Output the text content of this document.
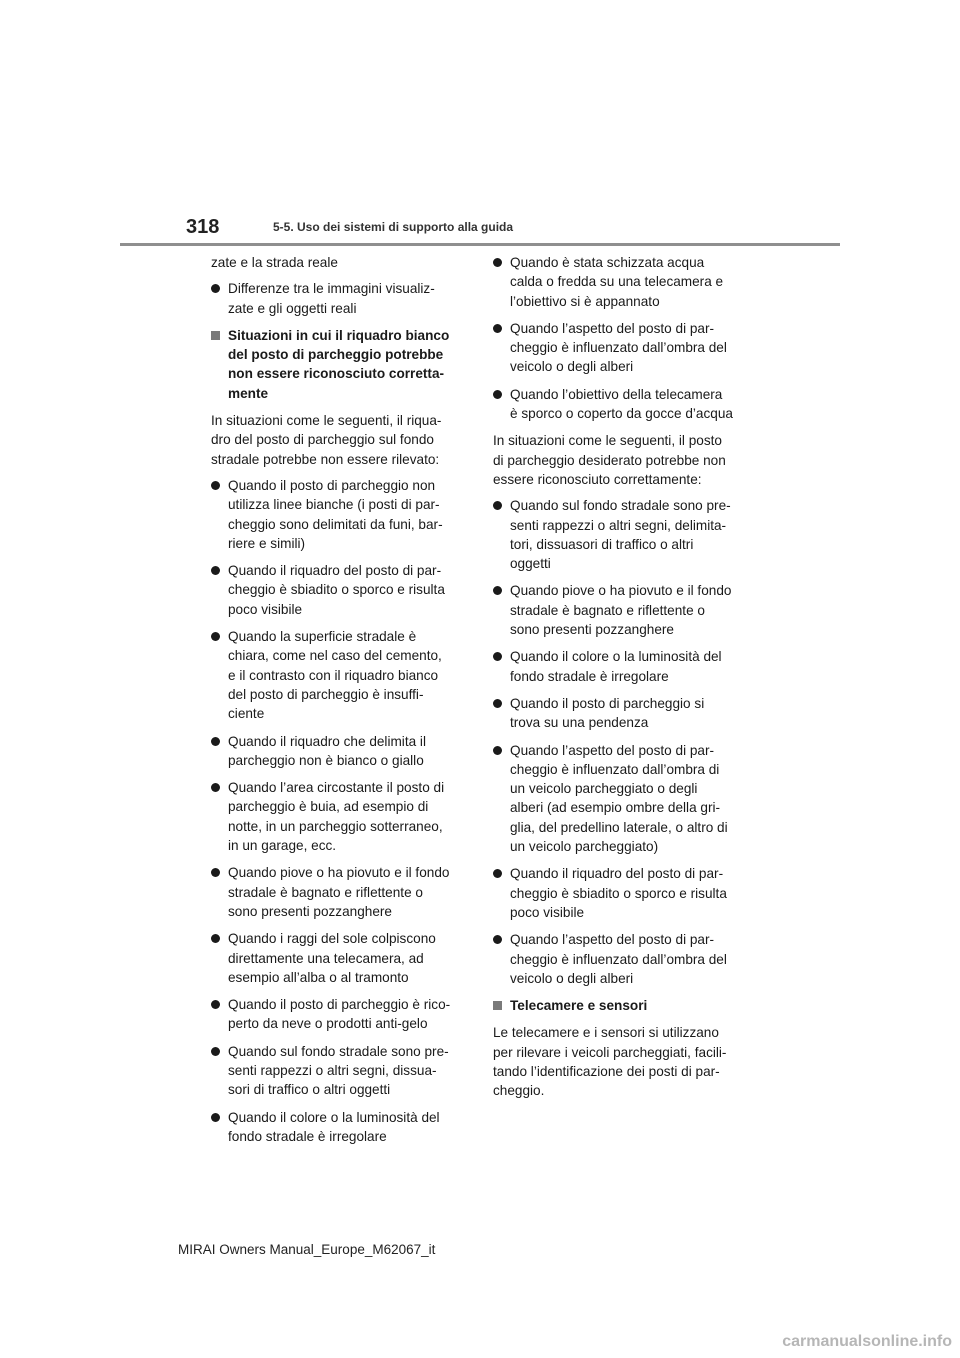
318	5-5. Uso dei sistemi di supporto alla guida

zate e la strada reale

Differenze tra le immagini visualiz-
zate e gli oggetti reali
Situazioni in cui il riquadro bianco
del posto di parcheggio potrebbe
non essere riconosciuto corretta-
mente

In situazioni come le seguenti, il riqua-
dro del posto di parcheggio sul fondo
stradale potrebbe non essere rilevato:

Quando il posto di parcheggio non
utilizza linee bianche (i posti di par-
cheggio sono delimitati da funi, bar-
riere e simili)
Quando il riquadro del posto di par-
cheggio è sbiadito o sporco e risulta
poco visibile
Quando la superficie stradale è
chiara, come nel caso del cemento,
e il contrasto con il riquadro bianco
del posto di parcheggio è insuffi-
ciente
Quando il riquadro che delimita il
parcheggio non è bianco o giallo
Quando l’area circostante il posto di
parcheggio è buia, ad esempio di
notte, in un parcheggio sotterraneo,
in un garage, ecc.
Quando piove o ha piovuto e il fondo
stradale è bagnato e riflettente o
sono presenti pozzanghere
Quando i raggi del sole colpiscono
direttamente una telecamera, ad
esempio all’alba o al tramonto
Quando il posto di parcheggio è rico-
perto da neve o prodotti anti-gelo
Quando sul fondo stradale sono pre-
senti rappezzi o altri segni, dissua-
sori di traffico o altri oggetti
Quando il colore o la luminosità del
fondo stradale è irregolare
Quando è stata schizzata acqua
calda o fredda su una telecamera e
l’obiettivo si è appannato
Quando l’aspetto del posto di par-
cheggio è influenzato dall’ombra del
veicolo o degli alberi
Quando l’obiettivo della telecamera
è sporco o coperto da gocce d’acqua

In situazioni come le seguenti, il posto
di parcheggio desiderato potrebbe non
essere riconosciuto correttamente:

Quando sul fondo stradale sono pre-
senti rappezzi o altri segni, delimita-
tori, dissuasori di traffico o altri
oggetti
Quando piove o ha piovuto e il fondo
stradale è bagnato e riflettente o
sono presenti pozzanghere
Quando il colore o la luminosità del
fondo stradale è irregolare
Quando il posto di parcheggio si
trova su una pendenza
Quando l’aspetto del posto di par-
cheggio è influenzato dall’ombra di
un veicolo parcheggiato o degli
alberi (ad esempio ombre della gri-
glia, del predellino laterale, o altro di
un veicolo parcheggiato)
Quando il riquadro del posto di par-
cheggio è sbiadito o sporco e risulta
poco visibile
Quando l’aspetto del posto di par-
cheggio è influenzato dall’ombra del
veicolo o degli alberi
Telecamere e sensori

Le telecamere e i sensori si utilizzano
per rilevare i veicoli parcheggiati, facili-
tando l’identificazione dei posti di par-
cheggio.

MIRAI Owners Manual_Europe_M62067_it
carmanualsonline.info
